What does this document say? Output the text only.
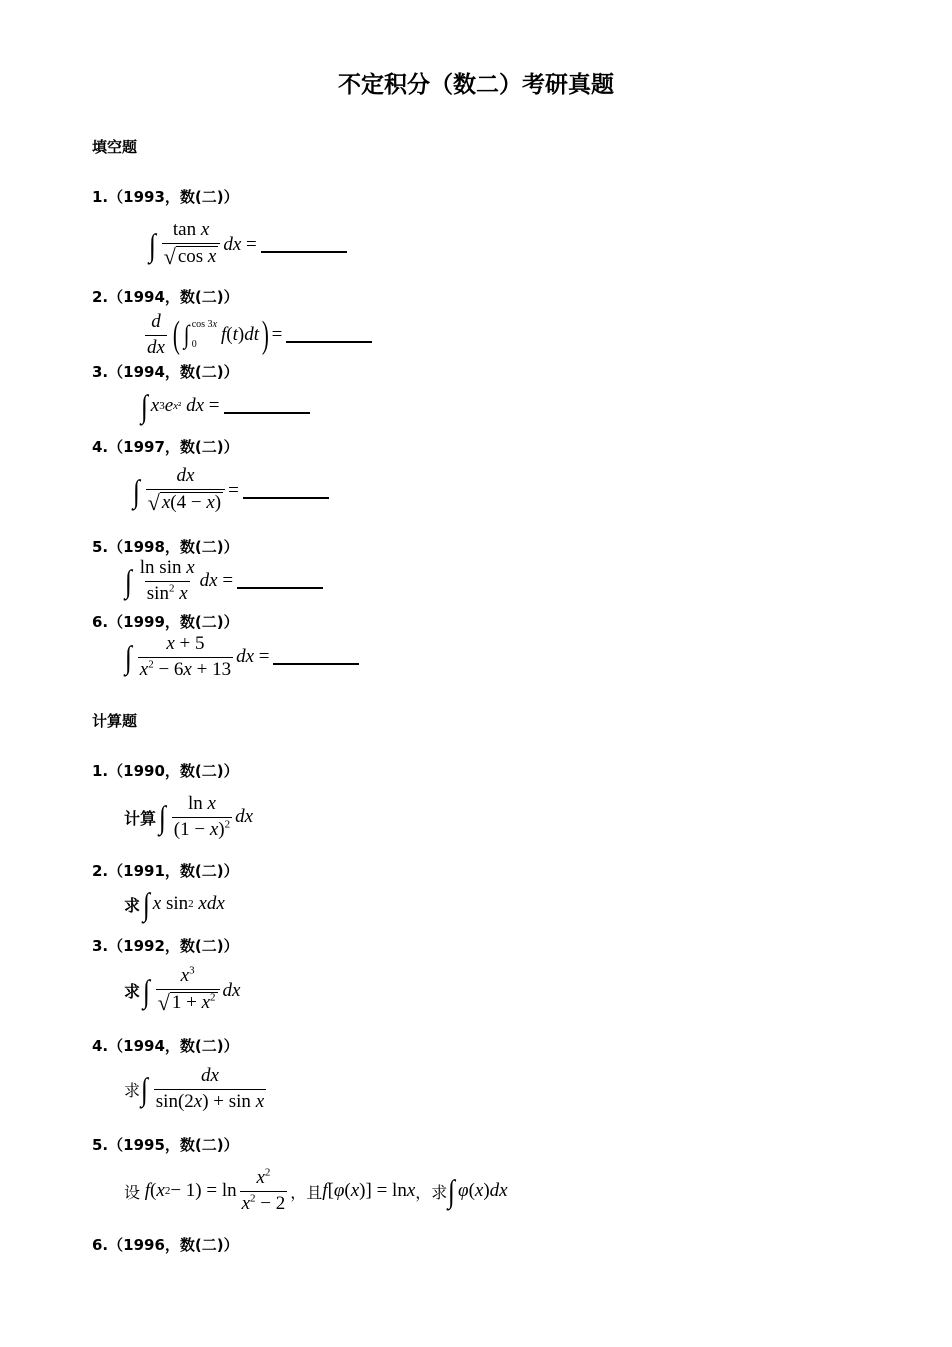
不定积分（数二）考研真题
填空题
1.（1993，数(二)）
∫ $\frac{\text{tan x}}{\text{√ cos x}}$ dx =
2.（1994，数(二)）
$\frac{d}{dx}$ ( ∫ cos 3x
0	f ( t ) dt ) =
3.（1994，数(二)）
∫ x 3 e x²
dx =
4.（1997，数(二)）
∫ $\frac{dx}{√ x(4 - x)}$ =
5.（1998，数(二)）
∫ $\frac{\text{ln sin x}}{\sin^2 x}$ dx =
6.（1999，数(二)）
∫ $\frac{x + 5}{x^2 - 6x + 13}$ dx =
计算题
1.（1990，数(二)）
计算 ∫ $\frac{\text{ln x}}{(1 - x)^2}$ dx
2.（1991，数(二)）
求 ∫ x sin 2
xdx
3.（1992，数(二)）
求 ∫ $\frac{x^3}{√ 1 + x^2}$ dx
4.（1994，数(二)）
求 ∫ $\frac{dx}{\text{sin(2x) + sin x}}$
5.（1995，数(二)）
设
f ( x $2 - 1) = \ln \frac{x^2}{x^2 - 2}$ ，且 f [ φ ( x )] = ln x ，求 ∫ φ ( x ) dx
6.（1996，数(二)）
